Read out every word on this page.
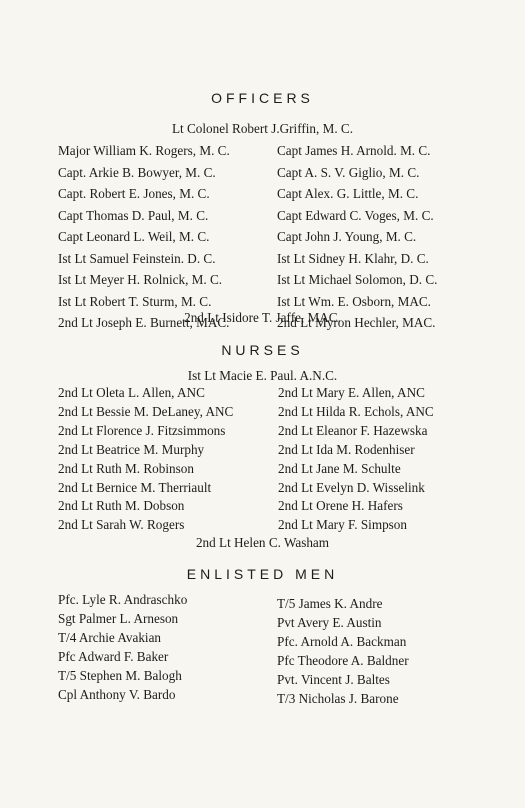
OFFICERS
Lt Colonel Robert J.Griffin, M. C.
Major William K. Rogers, M. C.
Capt. Arkie B. Bowyer, M. C.
Capt. Robert E. Jones, M. C.
Capt Thomas D. Paul, M. C.
Capt Leonard L. Weil, M. C.
Ist Lt Samuel Feinstein. D. C.
Ist Lt Meyer H. Rolnick, M. C.
Ist Lt Robert T. Sturm, M. C.
2nd Lt Joseph E. Burnett, MAC.
Capt James H. Arnold. M. C.
Capt A. S. V. Giglio, M. C.
Capt Alex. G. Little, M. C.
Capt Edward C. Voges, M. C.
Capt John J. Young, M. C.
Ist Lt Sidney H. Klahr, D. C.
Ist Lt Michael Solomon, D. C.
Ist Lt Wm. E. Osborn, MAC.
2nd Lt Myron Hechler, MAC.
2nd Lt Isidore T. Jaffe, MAC.
NURSES
Ist Lt Macie E. Paul. A.N.C.
2nd Lt Oleta L. Allen, ANC
2nd Lt Bessie M. DeLaney, ANC
2nd Lt Florence J. Fitzsimmons
2nd Lt Beatrice M. Murphy
2nd Lt Ruth M. Robinson
2nd Lt Bernice M. Therriault
2nd Lt Ruth M. Dobson
2nd Lt Sarah W. Rogers
2nd Lt Mary E. Allen, ANC
2nd Lt Hilda R. Echols, ANC
2nd Lt Eleanor F. Hazewska
2nd Lt Ida M. Rodenhiser
2nd Lt Jane M. Schulte
2nd Lt Evelyn D. Wisselink
2nd Lt Orene H. Hafers
2nd Lt Mary F. Simpson
2nd Lt Helen C. Washam
ENLISTED MEN
Pfc. Lyle R. Andraschko
Sgt Palmer L. Arneson
T/4 Archie Avakian
Pfc Adward F. Baker
T/5 Stephen M. Balogh
Cpl Anthony V. Bardo
T/5 James K. Andre
Pvt Avery E. Austin
Pfc. Arnold A. Backman
Pfc Theodore A. Baldner
Pvt. Vincent J. Baltes
T/3 Nicholas J. Barone
